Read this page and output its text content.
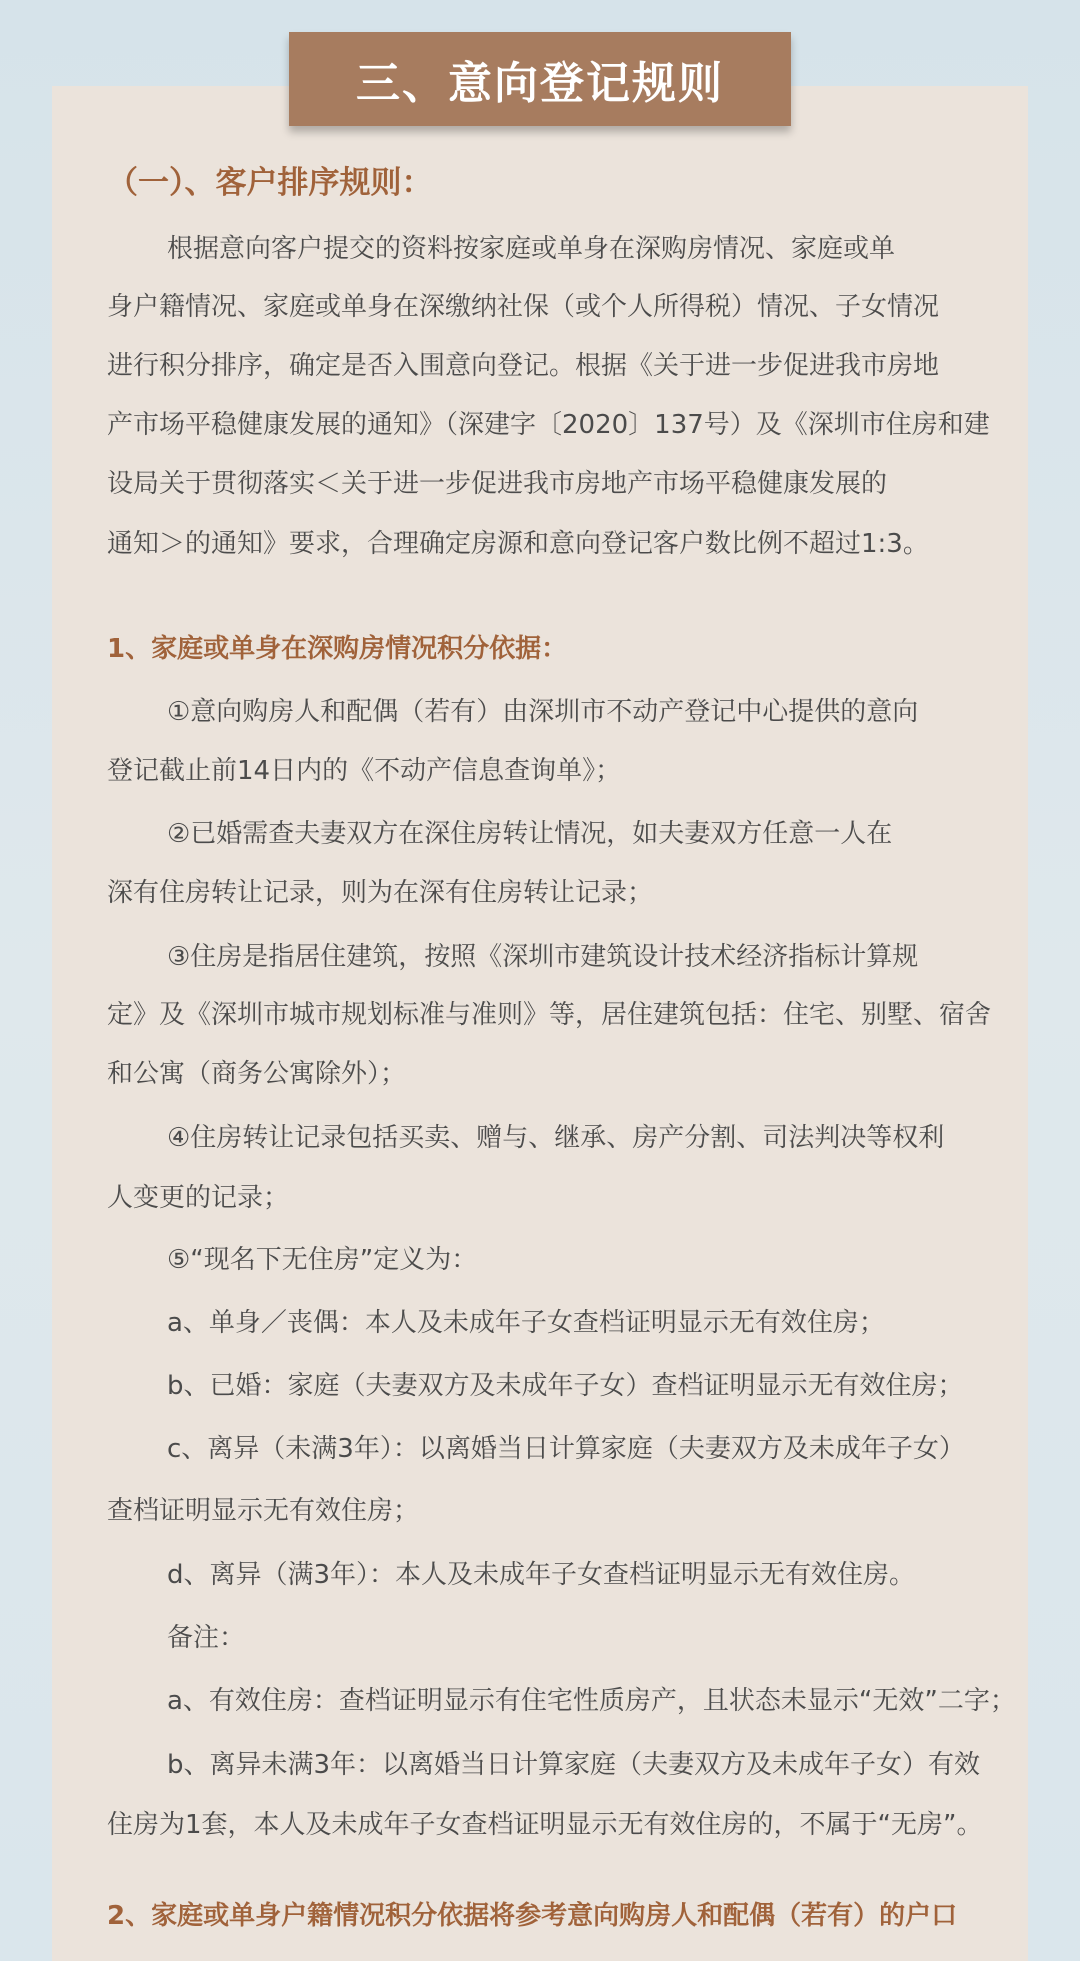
三、意向登记规则
（一）、客户排序规则：
根据意向客户提交的资料按家庭或单身在深购房情况、家庭或单
身户籍情况、家庭或单身在深缴纳社保（或个人所得税）情况、子女情况
进行积分排序，确定是否入围意向登记。根据《关于进一步促进我市房地
产市场平稳健康发展的通知》（深建字〔2020〕137号）及《深圳市住房和建
设局关于贯彻落实＜关于进一步促进我市房地产市场平稳健康发展的
通知＞的通知》要求，合理确定房源和意向登记客户数比例不超过1:3。
1、家庭或单身在深购房情况积分依据：
①意向购房人和配偶（若有）由深圳市不动产登记中心提供的意向
登记截止前14日内的《不动产信息查询单》；
②已婚需查夫妻双方在深住房转让情况，如夫妻双方任意一人在
深有住房转让记录，则为在深有住房转让记录；
③住房是指居住建筑，按照《深圳市建筑设计技术经济指标计算规
定》及《深圳市城市规划标准与准则》等，居住建筑包括：住宅、别墅、宿舍
和公寓（商务公寓除外）；
④住房转让记录包括买卖、赠与、继承、房产分割、司法判决等权利
人变更的记录；
⑤“现名下无住房”定义为：
a、单身／丧偶：本人及未成年子女查档证明显示无有效住房；
b、已婚：家庭（夫妻双方及未成年子女）查档证明显示无有效住房；
c、离异（未满3年）：以离婚当日计算家庭（夫妻双方及未成年子女）
查档证明显示无有效住房；
d、离异（满3年）：本人及未成年子女查档证明显示无有效住房。
备注：
a、有效住房：查档证明显示有住宅性质房产，且状态未显示“无效”二字；
b、离异未满3年：以离婚当日计算家庭（夫妻双方及未成年子女）有效
住房为1套，本人及未成年子女查档证明显示无有效住房的，不属于“无房”。
2、家庭或单身户籍情况积分依据将参考意向购房人和配偶（若有）的户口
